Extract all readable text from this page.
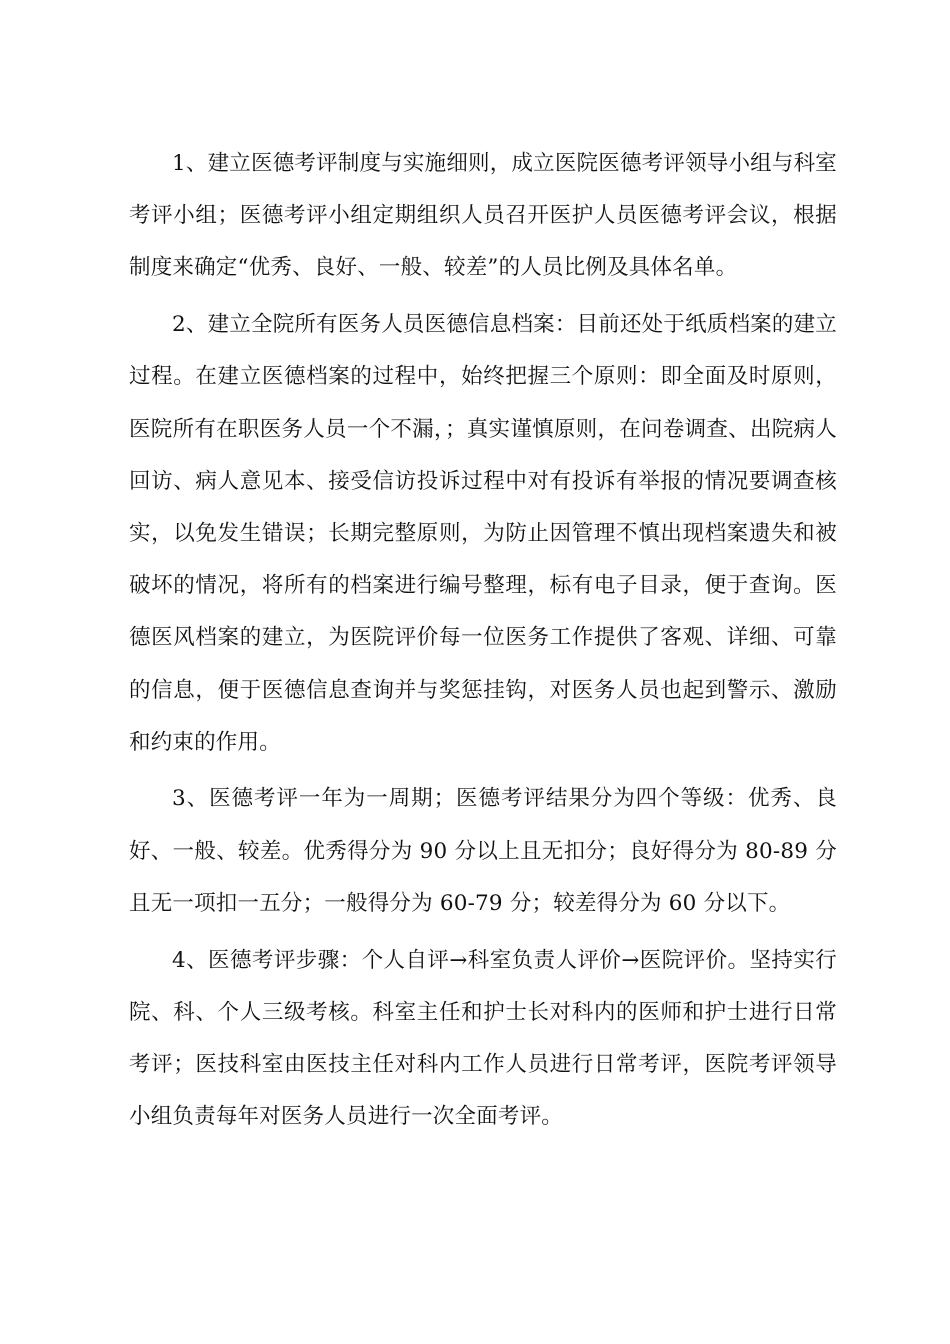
1、建立医德考评制度与实施细则，成立医院医德考评领导小组与科室考评小组；医德考评小组定期组织人员召开医护人员医德考评会议，根据制度来确定“优秀、良好、一般、较差”的人员比例及具体名单。

2、建立全院所有医务人员医德信息档案：目前还处于纸质档案的建立过程。在建立医德档案的过程中，始终把握三个原则：即全面及时原则，医院所有在职医务人员一个不漏，；真实谨慎原则，在问卷调查、出院病人回访、病人意见本、接受信访投诉过程中对有投诉有举报的情况要调查核实，以免发生错误；长期完整原则，为防止因管理不慎出现档案遗失和被破坏的情况，将所有的档案进行编号整理，标有电子目录，便于查询。医德医风档案的建立，为医院评价每一位医务工作提供了客观、详细、可靠的信息，便于医德信息查询并与奖惩挂钩，对医务人员也起到警示、激励和约束的作用。

3、医德考评一年为一周期；医德考评结果分为四个等级：优秀、良好、一般、较差。优秀得分为 90 分以上且无扣分；良好得分为 80-89 分且无一项扣一五分；一般得分为 60-79 分；较差得分为 60 分以下。

4、医德考评步骤：个人自评→科室负责人评价→医院评价。坚持实行院、科、个人三级考核。科室主任和护士长对科内的医师和护士进行日常考评；医技科室由医技主任对科内工作人员进行日常考评，医院考评领导小组负责每年对医务人员进行一次全面考评。
